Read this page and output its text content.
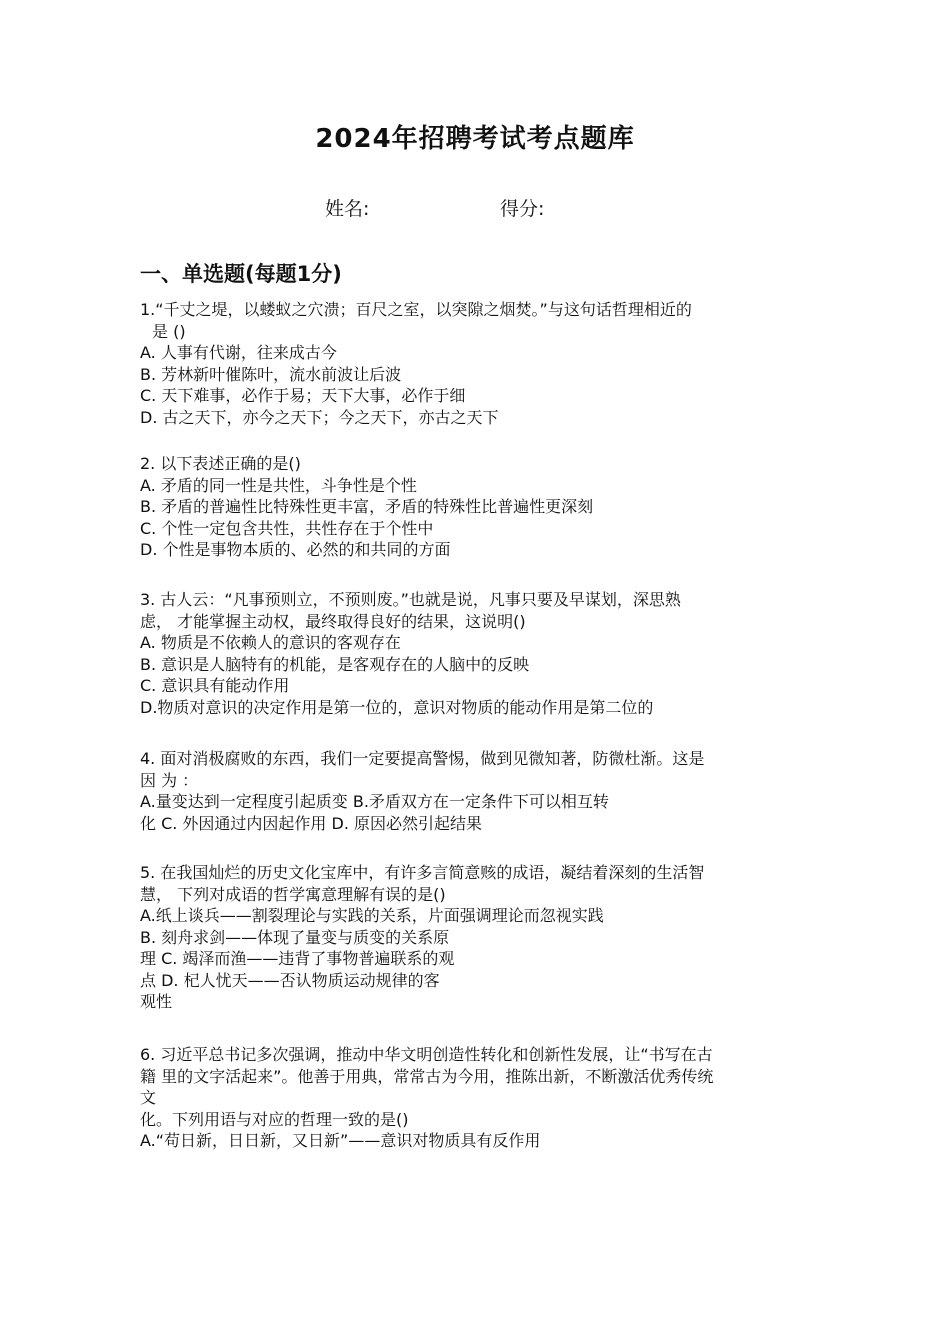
2024年招聘考试考点题库
姓名:	得分:
一、单选题(每题1分)
1.“千丈之堤，以蝼蚁之穴溃；百尺之室，以突隙之烟焚。”与这句话哲理相近的
是 ()
A. 人事有代谢，往来成古今
B. 芳林新叶催陈叶，流水前波让后波
C. 天下难事，必作于易；天下大事，必作于细
D. 古之天下，亦今之天下；今之天下，亦古之天下
2. 以下表述正确的是()
A. 矛盾的同一性是共性，斗争性是个性
B. 矛盾的普遍性比特殊性更丰富，矛盾的特殊性比普遍性更深刻
C. 个性一定包含共性，共性存在于个性中
D. 个性是事物本质的、必然的和共同的方面
3. 古人云：“凡事预则立，不预则废。”也就是说，凡事只要及早谋划，深思熟
虑， 才能掌握主动权，最终取得良好的结果，这说明()
A. 物质是不依赖人的意识的客观存在
B. 意识是人脑特有的机能，是客观存在的人脑中的反映
C. 意识具有能动作用
D.物质对意识的决定作用是第一位的，意识对物质的能动作用是第二位的
4. 面对消极腐败的东西，我们一定要提高警惕，做到见微知著，防微杜渐。这是
因 为 ：
A.量变达到一定程度引起质变 B.矛盾双方在一定条件下可以相互转
化 C. 外因通过内因起作用 D. 原因必然引起结果
5. 在我国灿烂的历史文化宝库中，有许多言简意赅的成语，凝结着深刻的生活智
慧， 下列对成语的哲学寓意理解有误的是()
A.纸上谈兵——割裂理论与实践的关系，片面强调理论而忽视实践
B. 刻舟求剑——体现了量变与质变的关系原
理 C. 竭泽而渔——违背了事物普遍联系的观
点 D. 杞人忧天——否认物质运动规律的客
观性
6. 习近平总书记多次强调，推动中华文明创造性转化和创新性发展，让“书写在古
籍 里的文字活起来”。他善于用典，常常古为今用，推陈出新，不断激活优秀传统
文
化。下列用语与对应的哲理一致的是()
A.“苟日新，日日新，又日新”——意识对物质具有反作用
